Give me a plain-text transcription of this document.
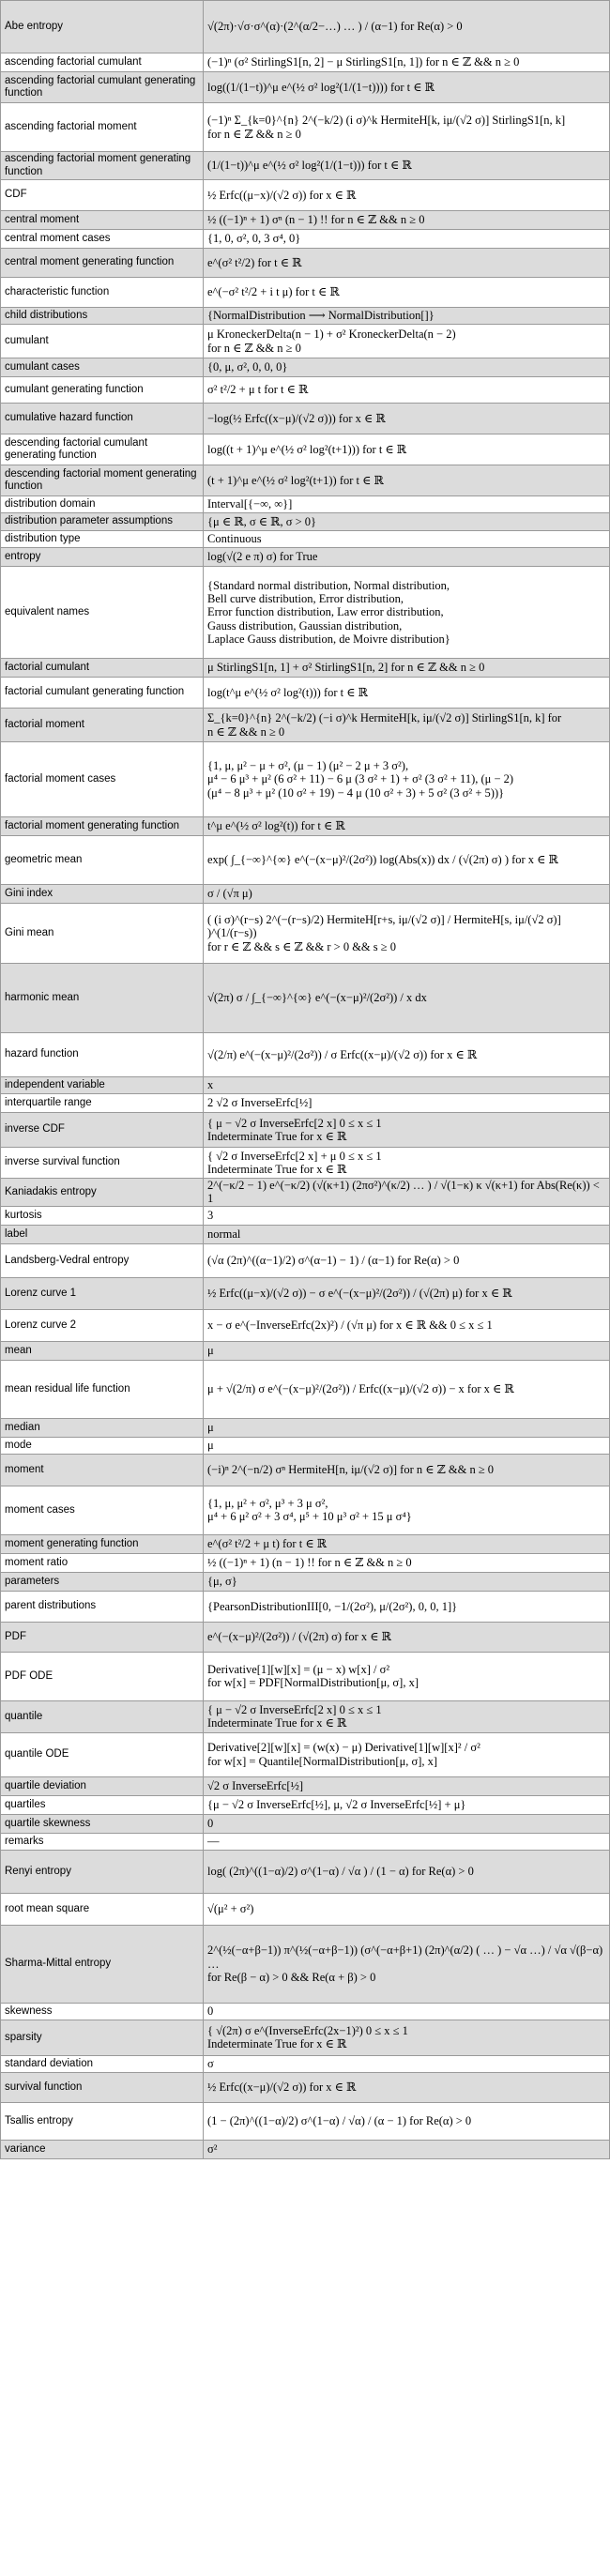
Abe entropy	√(2π)·√σ·σ^(α)·(2^(α/2−…) … ) / (α−1) for Re(α) > 0
ascending factorial cumulant	(−1)ⁿ (σ² StirlingS1[n, 2] − μ StirlingS1[n, 1]) for n ∈ ℤ && n ≥ 0
ascending factorial cumulant generating function	log((1/(1−t))^μ e^(½ σ² log²(1/(1−t)))) for t ∈ ℝ
ascending factorial moment	(−1)ⁿ Σ_{k=0}^{n} 2^(−k/2) (i σ)^k HermiteH[k, iμ/(√2 σ)] StirlingS1[n, k]
for n ∈ ℤ && n ≥ 0
ascending factorial moment generating function	(1/(1−t))^μ e^(½ σ² log²(1/(1−t))) for t ∈ ℝ
CDF	½ Erfc((μ−x)/(√2 σ)) for x ∈ ℝ
central moment	½ ((−1)ⁿ + 1) σⁿ (n − 1) !! for n ∈ ℤ && n ≥ 0
central moment cases	{1, 0, σ², 0, 3 σ⁴, 0}
central moment generating function	e^(σ² t²/2) for t ∈ ℝ
characteristic function	e^(−σ² t²/2 + i t μ) for t ∈ ℝ
child distributions	{NormalDistribution ⟶ NormalDistribution[]}
cumulant	μ KroneckerDelta(n − 1) + σ² KroneckerDelta(n − 2)
for n ∈ ℤ && n ≥ 0
cumulant cases	{0, μ, σ², 0, 0, 0}
cumulant generating function	σ² t²/2 + μ t for t ∈ ℝ
cumulative hazard function	−log(½ Erfc((x−μ)/(√2 σ))) for x ∈ ℝ
descending factorial cumulant generating function	log((t + 1)^μ e^(½ σ² log²(t+1))) for t ∈ ℝ
descending factorial moment generating function	(t + 1)^μ e^(½ σ² log²(t+1)) for t ∈ ℝ
distribution domain	Interval[{−∞, ∞}]
distribution parameter assumptions	{μ ∈ ℝ, σ ∈ ℝ, σ > 0}
distribution type	Continuous
entropy	log(√(2 e π) σ) for True
equivalent names	{Standard normal distribution, Normal distribution,
Bell curve distribution, Error distribution,
Error function distribution, Law error distribution,
Gauss distribution, Gaussian distribution,
Laplace Gauss distribution, de Moivre distribution}
factorial cumulant	μ StirlingS1[n, 1] + σ² StirlingS1[n, 2] for n ∈ ℤ && n ≥ 0
factorial cumulant generating function	log(t^μ e^(½ σ² log²(t))) for t ∈ ℝ
factorial moment	Σ_{k=0}^{n} 2^(−k/2) (−i σ)^k HermiteH[k, iμ/(√2 σ)] StirlingS1[n, k] for
n ∈ ℤ && n ≥ 0
factorial moment cases	{1, μ, μ² − μ + σ², (μ − 1) (μ² − 2 μ + 3 σ²),
μ⁴ − 6 μ³ + μ² (6 σ² + 11) − 6 μ (3 σ² + 1) + σ² (3 σ² + 11), (μ − 2)
(μ⁴ − 8 μ³ + μ² (10 σ² + 19) − 4 μ (10 σ² + 3) + 5 σ² (3 σ² + 5))}
factorial moment generating function	t^μ e^(½ σ² log²(t)) for t ∈ ℝ
geometric mean	exp( ∫_{−∞}^{∞} e^(−(x−μ)²/(2σ²)) log(Abs(x)) dx / (√(2π) σ) ) for x ∈ ℝ
Gini index	σ / (√π μ)
Gini mean	( (i σ)^(r−s) 2^(−(r−s)/2) HermiteH[r+s, iμ/(√2 σ)] / HermiteH[s, iμ/(√2 σ)] )^(1/(r−s))
for r ∈ ℤ && s ∈ ℤ && r > 0 && s ≥ 0
harmonic mean	√(2π) σ / ∫_{−∞}^{∞} e^(−(x−μ)²/(2σ²)) / x dx
hazard function	√(2/π) e^(−(x−μ)²/(2σ²)) / σ Erfc((x−μ)/(√2 σ)) for x ∈ ℝ
independent variable	x
interquartile range	2 √2 σ InverseErfc[½]
inverse CDF	{ μ − √2 σ InverseErfc[2 x] 0 ≤ x ≤ 1
Indeterminate True for x ∈ ℝ
inverse survival function	{ √2 σ InverseErfc[2 x] + μ 0 ≤ x ≤ 1
Indeterminate True for x ∈ ℝ
Kaniadakis entropy	2^(−κ/2 − 1) e^(−κ/2) (√(κ+1) (2πσ²)^(κ/2) … ) / √(1−κ) κ √(κ+1) for Abs(Re(κ)) < 1
kurtosis	3
label	normal
Landsberg-Vedral entropy	(√α (2π)^((α−1)/2) σ^(α−1) − 1) / (α−1) for Re(α) > 0
Lorenz curve 1	½ Erfc((μ−x)/(√2 σ)) − σ e^(−(x−μ)²/(2σ²)) / (√(2π) μ) for x ∈ ℝ
Lorenz curve 2	x − σ e^(−InverseErfc(2x)²) / (√π μ) for x ∈ ℝ && 0 ≤ x ≤ 1
mean	μ
mean residual life function	μ + √(2/π) σ e^(−(x−μ)²/(2σ²)) / Erfc((x−μ)/(√2 σ)) − x for x ∈ ℝ
median	μ
mode	μ
moment	(−i)ⁿ 2^(−n/2) σⁿ HermiteH[n, iμ/(√2 σ)] for n ∈ ℤ && n ≥ 0
moment cases	{1, μ, μ² + σ², μ³ + 3 μ σ²,
μ⁴ + 6 μ² σ² + 3 σ⁴, μ⁵ + 10 μ³ σ² + 15 μ σ⁴}
moment generating function	e^(σ² t²/2 + μ t) for t ∈ ℝ
moment ratio	½ ((−1)ⁿ + 1) (n − 1) !! for n ∈ ℤ && n ≥ 0
parameters	{μ, σ}
parent distributions	{PearsonDistributionIII[0, −1/(2σ²), μ/(2σ²), 0, 0, 1]}
PDF	e^(−(x−μ)²/(2σ²)) / (√(2π) σ) for x ∈ ℝ
PDF ODE	Derivative[1][w][x] = (μ − x) w[x] / σ²
for w[x] = PDF[NormalDistribution[μ, σ], x]
quantile	{ μ − √2 σ InverseErfc[2 x] 0 ≤ x ≤ 1
Indeterminate True for x ∈ ℝ
quantile ODE	Derivative[2][w][x] = (w(x) − μ) Derivative[1][w][x]² / σ²
for w[x] = Quantile[NormalDistribution[μ, σ], x]
quartile deviation	√2 σ InverseErfc[½]
quartiles	{μ − √2 σ InverseErfc[½], μ, √2 σ InverseErfc[½] + μ}
quartile skewness	0
remarks	—
Renyi entropy	log( (2π)^((1−α)/2) σ^(1−α) / √α ) / (1 − α) for Re(α) > 0
root mean square	√(μ² + σ²)
Sharma-Mittal entropy	2^(½(−α+β−1)) π^(½(−α+β−1)) (σ^(−α+β+1) (2π)^(α/2) ( … ) − √α …) / √α √(β−α) …
for Re(β − α) > 0 && Re(α + β) > 0
skewness	0
sparsity	{ √(2π) σ e^(InverseErfc(2x−1)²) 0 ≤ x ≤ 1
Indeterminate True for x ∈ ℝ
standard deviation	σ
survival function	½ Erfc((x−μ)/(√2 σ)) for x ∈ ℝ
Tsallis entropy	(1 − (2π)^((1−α)/2) σ^(1−α) / √α) / (α − 1) for Re(α) > 0
variance	σ²
